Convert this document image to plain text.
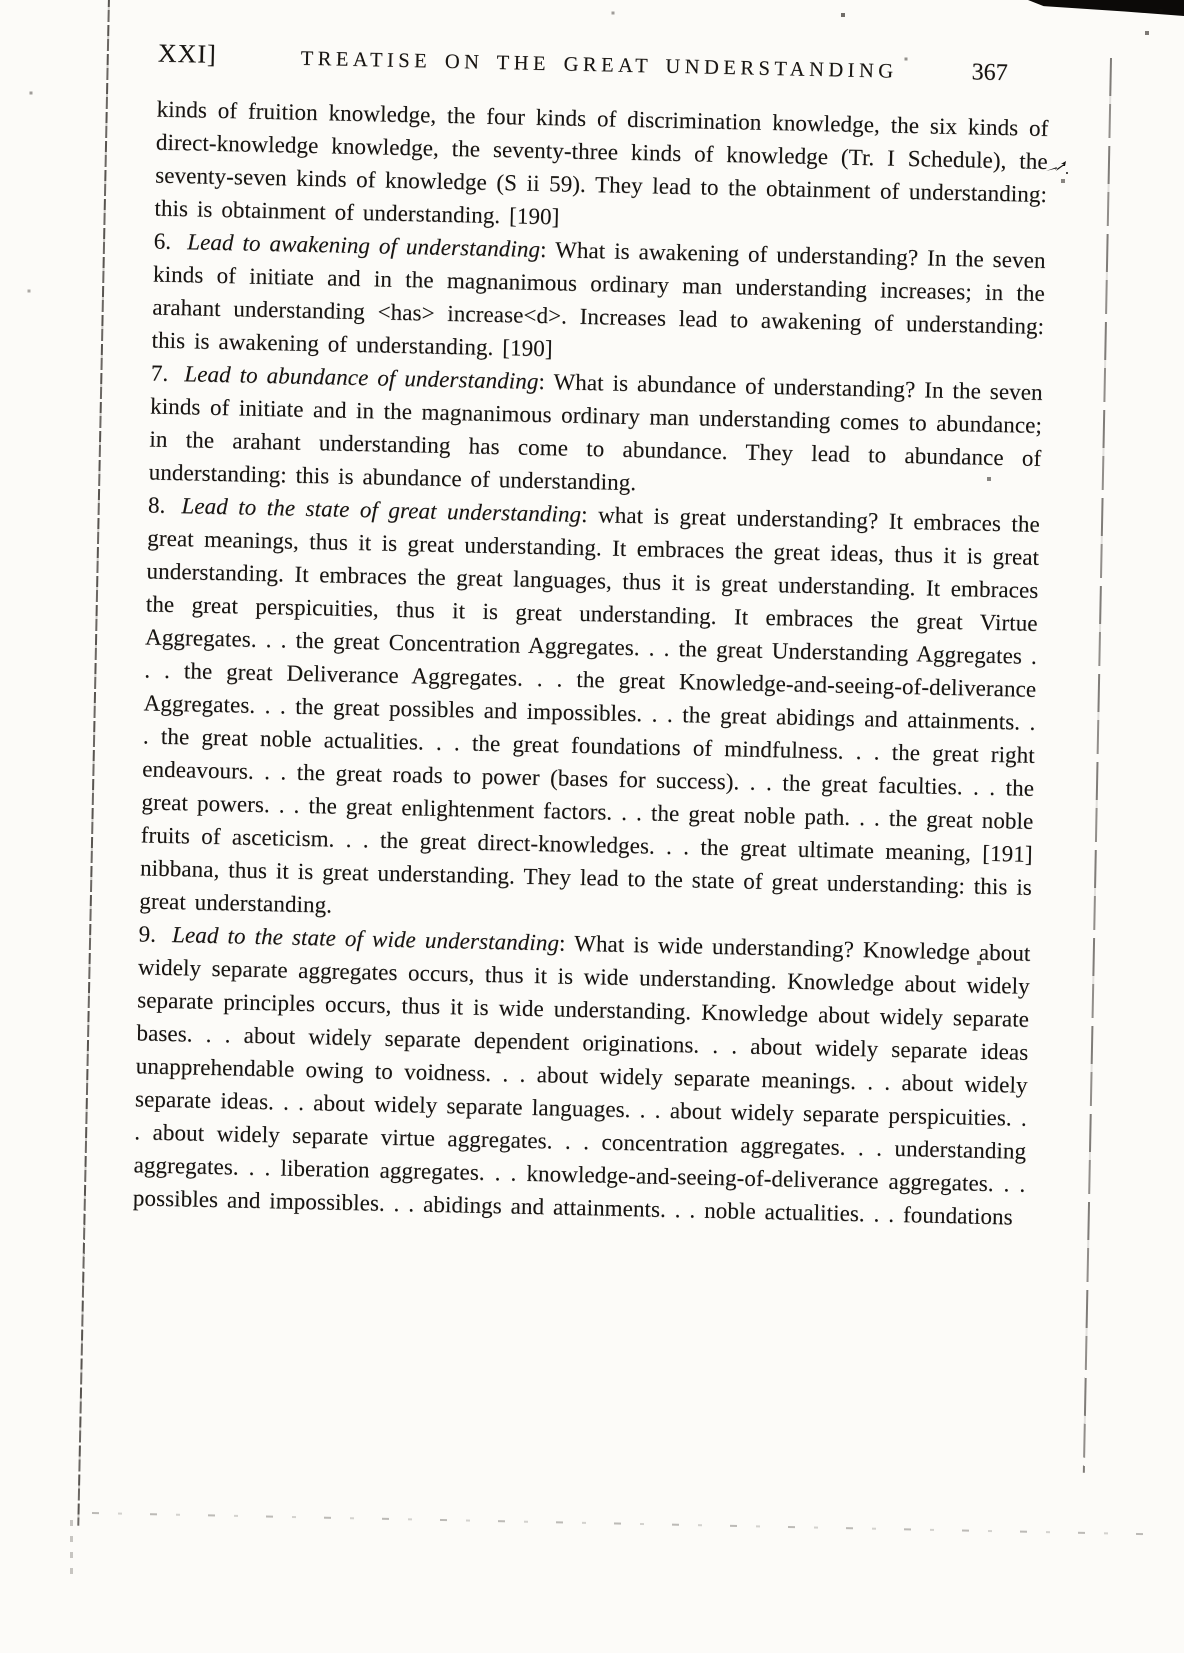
XXI]	TREATISE ON THE GREAT UNDERSTANDING	367

kinds of fruition knowledge, the four kinds of discrimination knowledge, the six kinds of direct-knowledge knowledge, the seventy-three kinds of knowledge (Tr. I Schedule), the seventy-seven kinds of knowledge (S ii 59). They lead to the obtainment of understanding: this is obtainment of understanding. [190]

6. Lead to awakening of understanding: What is awakening of understanding? In the seven kinds of initiate and in the magnanimous ordinary man understanding increases; in the arahant understanding <has> increase<d>. Increases lead to awakening of understanding: this is awakening of understanding. [190]

7. Lead to abundance of understanding: What is abundance of understanding? In the seven kinds of initiate and in the magnanimous ordinary man understanding comes to abundance; in the arahant understanding has come to abundance. They lead to abundance of understanding: this is abundance of understanding.

8. Lead to the state of great understanding: what is great understanding? It embraces the great meanings, thus it is great understanding. It embraces the great ideas, thus it is great understanding. It embraces the great languages, thus it is great understanding. It embraces the great perspicuities, thus it is great understanding. It embraces the great Virtue Aggregates. . . the great Concentration Aggregates. . . the great Understanding Aggregates . . . the great Deliverance Aggregates. . . the great Knowledge-and-seeing-of-deliverance Aggregates. . . the great possibles and impossibles. . . the great abidings and attainments. . . the great noble actualities. . . the great foundations of mindfulness. . . the great right endeavours. . . the great roads to power (bases for success). . . the great faculties. . . the great powers. . . the great enlightenment factors. . . the great noble path. . . the great noble fruits of asceticism. . . the great direct-knowledges. . . the great ultimate meaning, [191] nibbana, thus it is great understanding. They lead to the state of great understanding: this is great understanding.

9. Lead to the state of wide understanding: What is wide understanding? Knowledge about widely separate aggregates occurs, thus it is wide understanding. Knowledge about widely separate principles occurs, thus it is wide understanding. Knowledge about widely separate bases. . . about widely separate dependent originations. . . about widely separate ideas unapprehendable owing to voidness. . . about widely separate meanings. . . about widely separate ideas. . . about widely separate languages. . . about widely separate perspicuities. . . about widely separate virtue aggregates. . . concentration aggregates. . . understanding aggregates. . . liberation aggregates. . . knowledge-and-seeing-of-deliverance aggregates. . . possibles and impossibles. . . abidings and attainments. . . noble actualities. . . foundations
